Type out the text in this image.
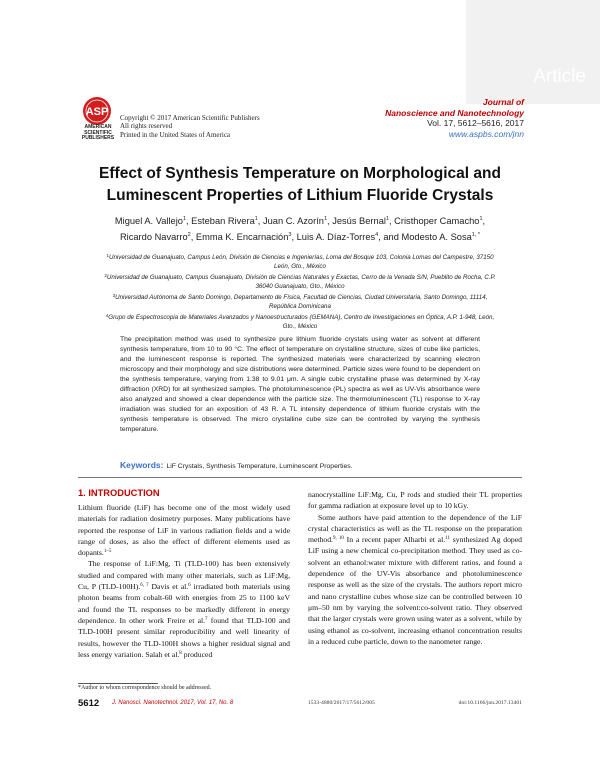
Article
ASP
AMERICAN
SCIENTIFIC
PUBLISHERS
Copyright © 2017 American Scientific Publishers
All rights reserved
Printed in the United States of America
Journal of
Nanoscience and Nanotechnology
Vol. 17, 5612–5616, 2017
www.aspbs.com/jnn
Effect of Synthesis Temperature on Morphological and Luminescent Properties of Lithium Fluoride Crystals
Miguel A. Vallejo$^1$, Esteban Rivera$^1$, Juan C. Azorín$^1$, Jesús Bernal$^1$, Cristhoper Camacho$^1$,
Ricardo Navarro$^2$, Emma K. Encarnación$^3$, Luis A. Díaz-Torres$^4$, and Modesto A. Sosa$^{1, *}$
$^1$Universidad de Guanajuato, Campus León, División de Ciencias e Ingenierías, Loma del Bosque 103, Colonia Lomas del Campestre, 37150 León, Gto., México
$^2$Universidad de Guanajuato, Campus Guanajuato, División de Ciencias Naturales y Exactas, Cerro de la Venada S/N, Pueblito de Rocha, C.P. 36040 Guanajuato, Gto., México
$^3$Universidad Autónoma de Santo Domingo, Departamento de Física, Facultad de Ciencias, Ciudad Universitaria, Santo Domingo, 11114, República Dominicana
$^4$Grupo de Espectroscopia de Materiales Avanzados y Nanoestructurados (GEMANA), Centro de Investigaciones en Óptica, A.P. 1-948, León, Gto., México

The precipitation method was used to synthesize pure lithium fluoride crystals using water as solvent at different synthesis temperature, from 10 to 90 °C. The effect of temperature on crystalline structure, sizes of cube like particles, and the luminescent response is reported. The synthesized materials were characterized by scanning electron microscopy and their morphology and size distributions were determined. Particle sizes were found to be dependent on the synthesis temperature, varying from 1.38 to 9.01 μm. A single cubic crystalline phase was determined by X-ray diffraction (XRD) for all synthesized samples. The photoluminescence (PL) spectra as well as UV-Vis absorbance were also analyzed and showed a clear dependence with the particle size. The thermoluminescent (TL) response to X-ray irradiation was studied for an exposition of 43 R. A TL intensity dependence of lithium fluoride crystals with the synthesis temperature is observed. The micro crystalline cube size can be controlled by varying the synthesis temperature.

Keywords: LiF Crystals, Synthesis Temperature, Luminescent Properties.
1. INTRODUCTION

Lithium fluoride (LiF) has become one of the most widely used materials for radiation dosimetry purposes. Many publications have reported the response of LiF in various radiation fields and a wide range of doses, as also the effect of different elements used as dopants.$^{1-5}$

The response of LiF:Mg, Ti (TLD-100) has been extensively studied and compared with many other materials, such as LiF:Mg, Cu, P (TLD-100H).$^{6, 7}$ Davis et al.$^6$ irradiated both materials using photon beams from cobalt-60 with energies from 25 to 1100 keV and found the TL responses to be markedly different in energy dependence. In other work Freire et al.$^7$ found that TLD-100 and TLD-100H present similar reproducibility and well linearity of results, however the TLD-100H shows a higher residual signal and less energy variation. Salah et al.$^8$ produced

nanocrystalline LiF:Mg, Cu, P rods and studied their TL properties for gamma radiation at exposure level up to 10 kGy.

Some authors have paid attention to the dependence of the LiF crystal characteristics as well as the TL response on the preparation method.$^{9, 10}$ In a recent paper Alharbi et al.$^{11}$ synthesized Ag doped LiF using a new chemical co-precipitation method. They used as co-solvent an ethanol:water mixture with different ratios, and found a dependence of the UV-Vis absorbance and photoluminescence response as well as the size of the crystals. The authors report micro and nano crystalline cubes whose size can be controlled between 10 μm–50 nm by varying the solvent:co-solvent ratio. They observed that the larger crystals were grown using water as a solvent, while by using ethanol as co-solvent, increasing ethanol concentration results in a reduced cube particle, down to the nanometer range.

*Author to whom correspondence should be addressed.
5612 J. Nanosci. Nanotechnol. 2017, Vol. 17, No. 8	1533-4880/2017/17/5612/005	doi:10.1166/jnn.2017.13401
